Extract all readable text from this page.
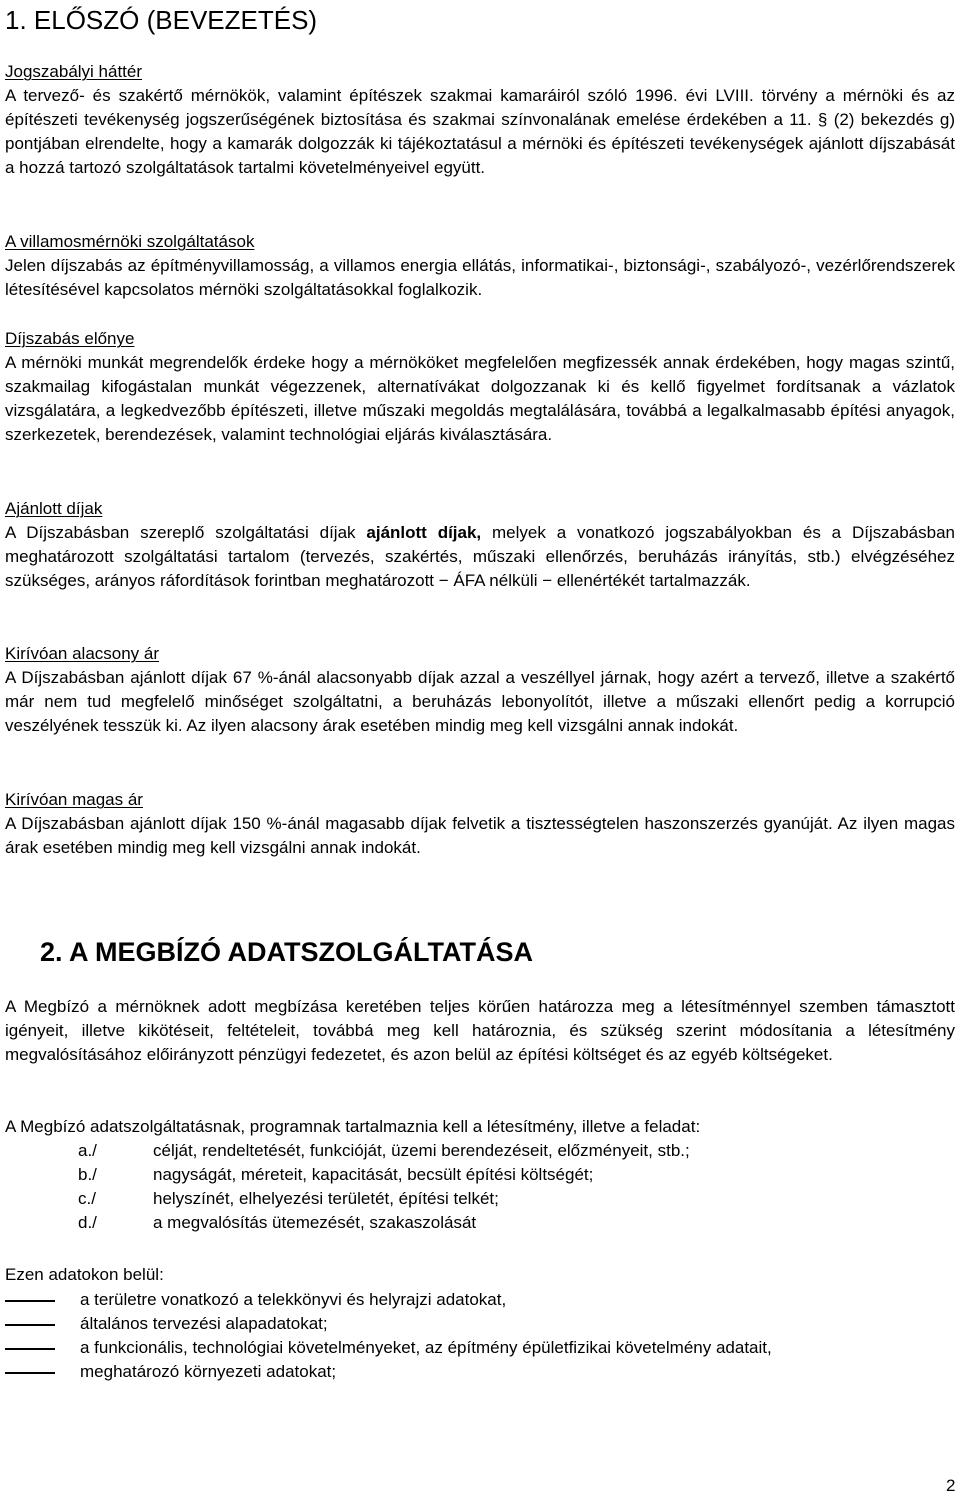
1. ELŐSZÓ (BEVEZETÉS)
Jogszabályi háttér
A tervező- és szakértő mérnökök, valamint építészek szakmai kamaráiról szóló 1996. évi LVIII. törvény a mérnöki és az építészeti tevékenység jogszerűségének biztosítása és szakmai színvonalának emelése érdekében a 11. § (2) bekezdés g) pontjában elrendelte, hogy a kamarák dolgozzák ki tájékoztatásul a mérnöki és építészeti tevékenységek ajánlott díjszabását a hozzá tartozó szolgáltatások tartalmi követelményeivel együtt.
A villamosmérnöki szolgáltatások
Jelen díjszabás az építményvillamosság, a villamos energia ellátás, informatikai-, biztonsági-, szabályozó-, vezérlőrendszerek létesítésével kapcsolatos mérnöki szolgáltatásokkal foglalkozik.
Díjszabás előnye
A mérnöki munkát megrendelők érdeke hogy a mérnököket megfelelően megfizessék annak érdekében, hogy magas szintű, szakmailag kifogástalan munkát végezzenek, alternatívákat dolgozzanak ki és kellő figyelmet fordítsanak a vázlatok vizsgálatára, a legkedvezőbb építészeti, illetve műszaki megoldás megtalálására, továbbá a legalkalmasabb építési anyagok, szerkezetek, berendezések, valamint technológiai eljárás kiválasztására.
Ajánlott díjak
A Díjszabásban szereplő szolgáltatási díjak ajánlott díjak, melyek a vonatkozó jogszabályokban és a Díjszabásban meghatározott szolgáltatási tartalom (tervezés, szakértés, műszaki ellenőrzés, beruházás irányítás, stb.) elvégzéséhez szükséges, arányos ráfordítások forintban meghatározott − ÁFA nélküli − ellenértékét tartalmazzák.
Kirívóan alacsony ár
A Díjszabásban ajánlott díjak 67 %-ánál alacsonyabb díjak azzal a veszéllyel járnak, hogy azért a tervező, illetve a szakértő már nem tud megfelelő minőséget szolgáltatni, a beruházás lebonyolítót, illetve a műszaki ellenőrt pedig a korrupció veszélyének tesszük ki. Az ilyen alacsony árak esetében mindig meg kell vizsgálni annak indokát.
Kirívóan magas ár
A Díjszabásban ajánlott díjak 150 %-ánál magasabb díjak felvetik a tisztességtelen haszonszerzés gyanúját. Az ilyen magas árak esetében mindig meg kell vizsgálni annak indokát.
2. A MEGBÍZÓ ADATSZOLGÁLTATÁSA
A Megbízó a mérnöknek adott megbízása keretében teljes körűen határozza meg a létesítménnyel szemben támasztott igényeit, illetve kikötéseit, feltételeit, továbbá meg kell határoznia, és szükség szerint módosítania a létesítmény megvalósításához előirányzott pénzügyi fedezetet, és azon belül az építési költséget és az egyéb költségeket.
A Megbízó adatszolgáltatásnak, programnak tartalmaznia kell a létesítmény, illetve a feladat:
a./	célját, rendeltetését, funkcióját, üzemi berendezéseit, előzményeit, stb.;
b./	nagyságát, méreteit, kapacitását, becsült építési költségét;
c./	helyszínét, elhelyezési területét, építési telkét;
d./	a megvalósítás ütemezését, szakaszolását
Ezen adatokon belül:
a területre vonatkozó a telekkönyvi és helyrajzi adatokat,
általános tervezési alapadatokat;
a funkcionális, technológiai követelményeket, az építmény épületfizikai követelmény adatait,
meghatározó környezeti adatokat;
2
